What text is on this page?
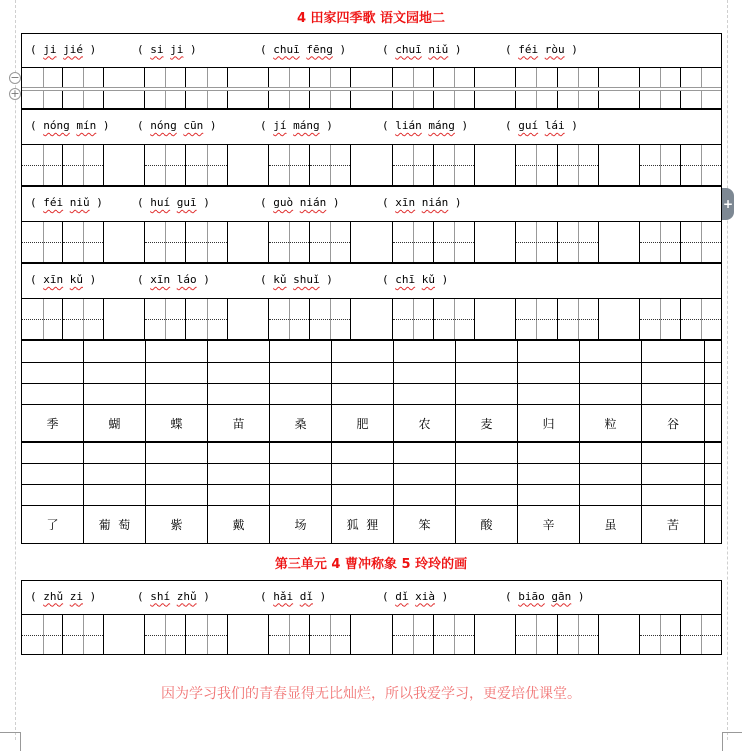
4 田家四季歌 语文园地二
−
+
+
( ji jié )	( si ji )	( chuī fēng )	( chuī niǔ )	( féi ròu )
( nóng mín )	( nóng cūn )	( jí máng )	( lián máng )	( guí lái )
( féi niǔ )	( huí guī )	( guò nián )	( xīn nián )
( xīn kǔ )	( xīn láo )	( kǔ shuǐ )	( chī kǔ )
( zhǔ zi )	( shí zhǔ )	( hǎi dǐ )	( dǐ xià )	( biāo gān )
季	蝴	蝶	苗	桑	肥	农	麦	归	粒	谷
了	葡  萄	紫	戴	场	狐  狸	笨	酸	辛	虽	苦
第三单元 4 曹冲称象 5 玲玲的画
因为学习我们的青春显得无比灿烂，所以我爱学习，更爱培优课堂。
